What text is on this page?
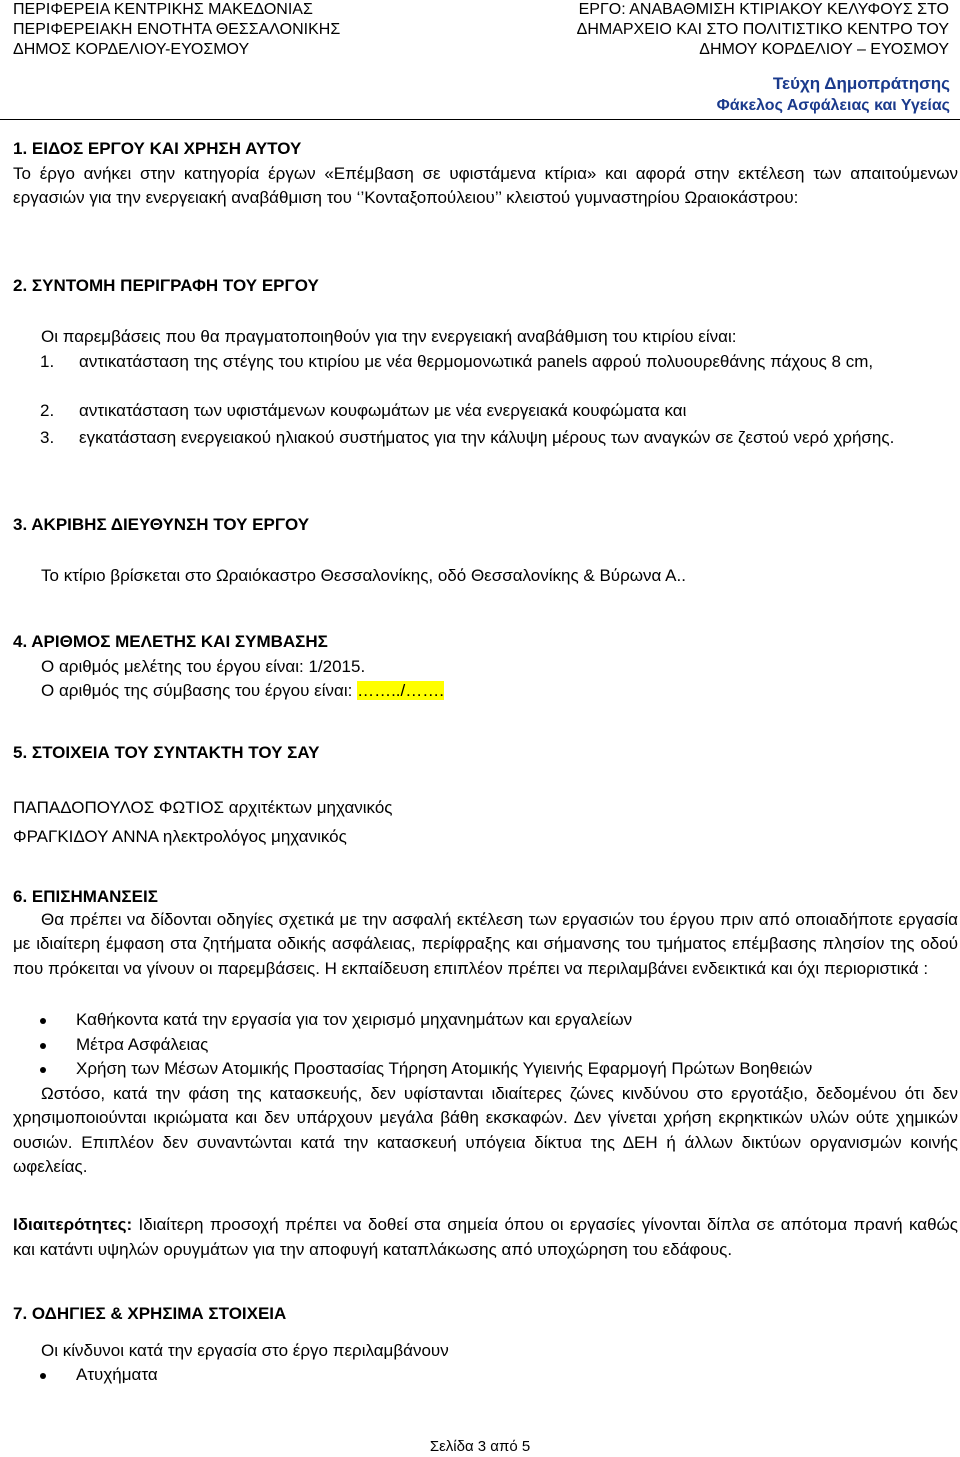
ΠΕΡΙΦΕΡΕΙΑ ΚΕΝΤΡΙΚΗΣ ΜΑΚΕΔΟΝΙΑΣ
ΠΕΡΙΦΕΡΕΙΑΚΗ ΕΝΟΤΗΤΑ ΘΕΣΣΑΛΟΝΙΚΗΣ
ΔΗΜΟΣ ΚΟΡΔΕΛΙΟΥ-ΕΥΟΣΜΟΥ
ΕΡΓΟ: ΑΝΑΒΑΘΜΙΣΗ ΚΤΙΡΙΑΚΟΥ ΚΕΛΥΦΟΥΣ ΣΤΟ
ΔΗΜΑΡΧΕΙΟ ΚΑΙ ΣΤΟ ΠΟΛΙΤΙΣΤΙΚΟ ΚΕΝΤΡΟ ΤΟΥ
ΔΗΜΟΥ ΚΟΡΔΕΛΙΟΥ – ΕΥΟΣΜΟΥ
Τεύχη Δημοπράτησης
Φάκελος Ασφάλειας και Υγείας
1. ΕΙΔΟΣ ΕΡΓΟΥ ΚΑΙ ΧΡΗΣΗ ΑΥΤΟΥ
Το έργο ανήκει στην κατηγορία έργων «Επέμβαση σε υφιστάμενα κτίρια» και αφορά στην εκτέλεση των απαιτούμενων εργασιών για την ενεργειακή αναβάθμιση του ‘’Κονταξοπούλειου’’ κλειστού γυμναστηρίου Ωραιοκάστρου:
2. ΣΥΝΤΟΜΗ ΠΕΡΙΓΡΑΦΗ ΤΟΥ ΕΡΓΟΥ
Οι παρεμβάσεις που θα πραγματοποιηθούν για την ενεργειακή αναβάθμιση του κτιρίου είναι:
1. αντικατάσταση της στέγης του κτιρίου με νέα θερμομονωτικά panels αφρού πολυουρεθάνης πάχους 8 cm,
2. αντικατάσταση των υφιστάμενων κουφωμάτων με νέα ενεργειακά κουφώματα και
3. εγκατάσταση ενεργειακού ηλιακού συστήματος για την κάλυψη μέρους των αναγκών σε ζεστού νερό χρήσης.
3. ΑΚΡΙΒΗΣ ΔΙΕΥΘΥΝΣΗ ΤΟΥ ΕΡΓΟΥ
Το κτίριο βρίσκεται στο Ωραιόκαστρο Θεσσαλονίκης, οδό Θεσσαλονίκης & Βύρωνα Α..
4. ΑΡΙΘΜΟΣ ΜΕΛΕΤΗΣ ΚΑΙ ΣΥΜΒΑΣΗΣ
Ο αριθμός μελέτης του έργου είναι: 1/2015.
Ο αριθμός της σύμβασης του έργου είναι: ……../…….
5. ΣΤΟΙΧΕΙΑ ΤΟΥ ΣΥΝΤΑΚΤΗ ΤΟΥ ΣΑΥ
ΠΑΠΑΔΟΠΟΥΛΟΣ ΦΩΤΙΟΣ αρχιτέκτων μηχανικός
ΦΡΑΓΚΙΔΟΥ ΑΝΝΑ ηλεκτρολόγος μηχανικός
6. ΕΠΙΣΗΜΑΝΣΕΙΣ
Θα πρέπει να δίδονται οδηγίες σχετικά με την ασφαλή εκτέλεση των εργασιών του έργου πριν από οποιαδήποτε εργασία με ιδιαίτερη έμφαση στα ζητήματα οδικής ασφάλειας, περίφραξης και σήμανσης του τμήματος επέμβασης πλησίον της οδού που πρόκειται να γίνουν οι παρεμβάσεις. Η εκπαίδευση επιπλέον πρέπει να περιλαμβάνει ενδεικτικά και όχι περιοριστικά :
Καθήκοντα κατά την εργασία για τον χειρισμό μηχανημάτων και εργαλείων
Μέτρα Ασφάλειας
Χρήση των Μέσων Ατομικής Προστασίας Τήρηση Ατομικής Υγιεινής Εφαρμογή Πρώτων Βοηθειών
Ωστόσο, κατά την φάση της κατασκευής, δεν υφίστανται ιδιαίτερες ζώνες κινδύνου στο εργοτάξιο, δεδομένου ότι δεν χρησιμοποιούνται ικριώματα και δεν υπάρχουν μεγάλα βάθη εκσκαφών. Δεν γίνεται χρήση εκρηκτικών υλών ούτε χημικών ουσιών. Επιπλέον δεν συναντώνται κατά την κατασκευή υπόγεια δίκτυα της ΔΕΗ ή άλλων δικτύων οργανισμών κοινής ωφελείας.
Ιδιαιτερότητες: Ιδιαίτερη προσοχή πρέπει να δοθεί στα σημεία όπου οι εργασίες γίνονται δίπλα σε απότομα πρανή καθώς και κατάντι υψηλών ορυγμάτων για την αποφυγή καταπλάκωσης από υποχώρηση του εδάφους.
7. ΟΔΗΓΙΕΣ & ΧΡΗΣΙΜΑ ΣΤΟΙΧΕΙΑ
Οι κίνδυνοι κατά την εργασία στο έργο περιλαμβάνουν
Ατυχήματα
Σελίδα 3 από 5
